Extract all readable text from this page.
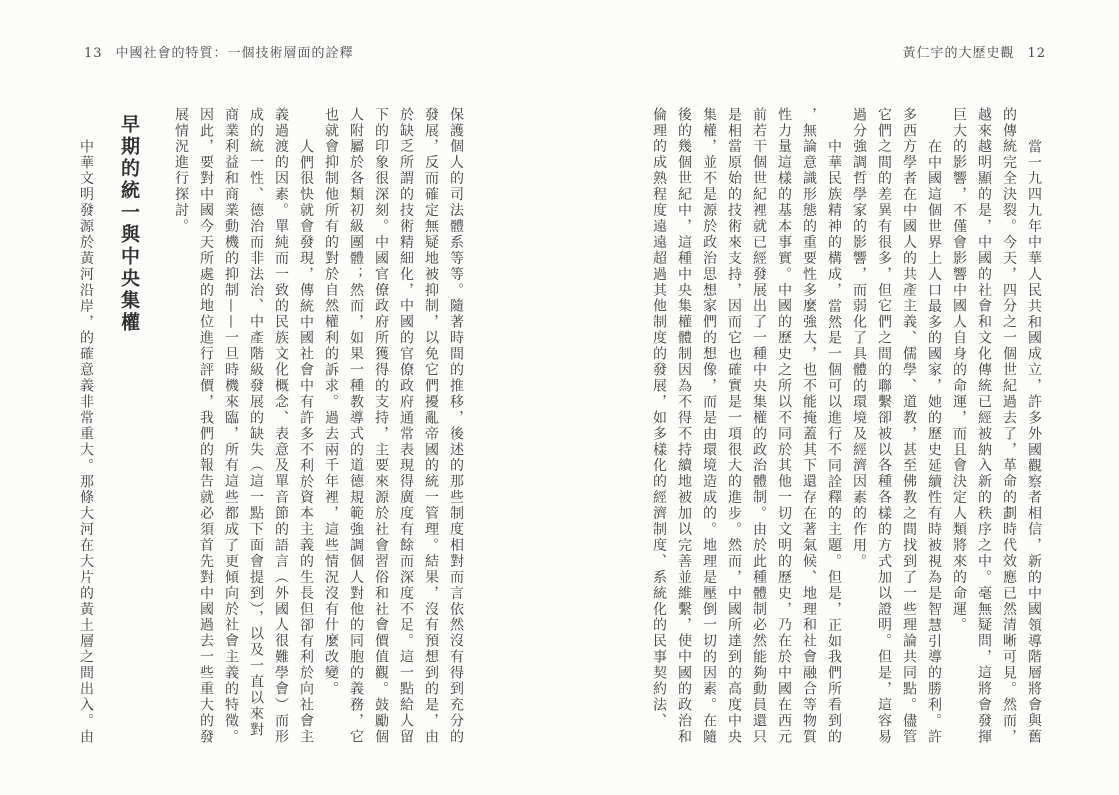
13 中國社會的特質：一個技術層面的詮釋	黃仁宇的大歷史觀 12

當一九四九年中華人民共和國成立，許多外國觀察者相信，新的中國領導階層將會與舊的傳統完全決裂。今天，四分之一個世紀過去了，革命的劃時代效應已然清晰可見。然而，越來越明顯的是，中國的社會和文化傳統已經被納入新的秩序之中。毫無疑問，這將會發揮巨大的影響，不僅會影響中國人自身的命運，而且會決定人類將來的命運。

在中國這個世界上人口最多的國家，她的歷史延續性有時被視為是智慧引導的勝利。許多西方學者在中國人的共產主義、儒學、道教，甚至佛教之間找到了一些理論共同點。儘管它們之間的差異有很多，但它們之間的聯繫卻被以各種各樣的方式加以證明。但是，這容易過分強調哲學家的影響，而弱化了具體的環境及經濟因素的作用。

中華民族精神的構成，當然是一個可以進行不同詮釋的主題。但是，正如我們所看到的，無論意識形態的重要性多麼強大，也不能掩蓋其下還存在著氣候、地理和社會融合等物質性力量這樣的基本事實。中國的歷史之所以不同於其他一切文明的歷史，乃在於中國在西元前若干個世紀裡就已經發展出了一種中央集權的政治體制。由於此種體制必然能夠動員還只是相當原始的技術來支持，因而它也確實是一項很大的進步。然而，中國所達到的高度中央集權，並不是源於政治思想家們的想像，而是由環境造成的。地理是壓倒一切的因素。在隨後的幾個世紀中，這種中央集權體制因為不得不持續地被加以完善並維繫，使中國的政治和倫理的成熟程度遠遠超過其他制度的發展，如多樣化的經濟制度、系統化的民事契約法、

保護個人的司法體系等等。隨著時間的推移，後述的那些制度相對而言依然沒有得到充分的發展，反而確定無疑地被抑制，以免它們擾亂帝國的統一管理。結果，沒有預想到的是，由於缺乏所謂的技術精細化，中國的官僚政府通常表現得廣度有餘而深度不足。這一點給人留下的印象很深刻。中國官僚政府所獲得的支持，主要來源於社會習俗和社會價值觀。鼓勵個人附屬於各類初級團體；然而，如果一種教導式的道德規範強調個人對他的同胞的義務，它也就會抑制他所有的對於自然權利的訴求。過去兩千年裡，這些情況沒有什麼改變。

人們很快就會發現，傳統中國社會中有許多不利於資本主義的生長但卻有利於向社會主義過渡的因素。單純而一致的民族文化概念、表意及單音節的語言（外國人很難學會）而形成的統一性、德治而非法治、中產階級發展的缺失（這一點下面會提到），以及一直以來對商業利益和商業動機的抑制——一旦時機來臨，所有這些都成了更傾向於社會主義的特徵。因此，要對中國今天所處的地位進行評價，我們的報告就必須首先對中國過去一些重大的發展情況進行探討。

早期的統一與中央集權

中華文明發源於黃河沿岸，的確意義非常重大。那條大河在大片的黃土層之間出入。由
